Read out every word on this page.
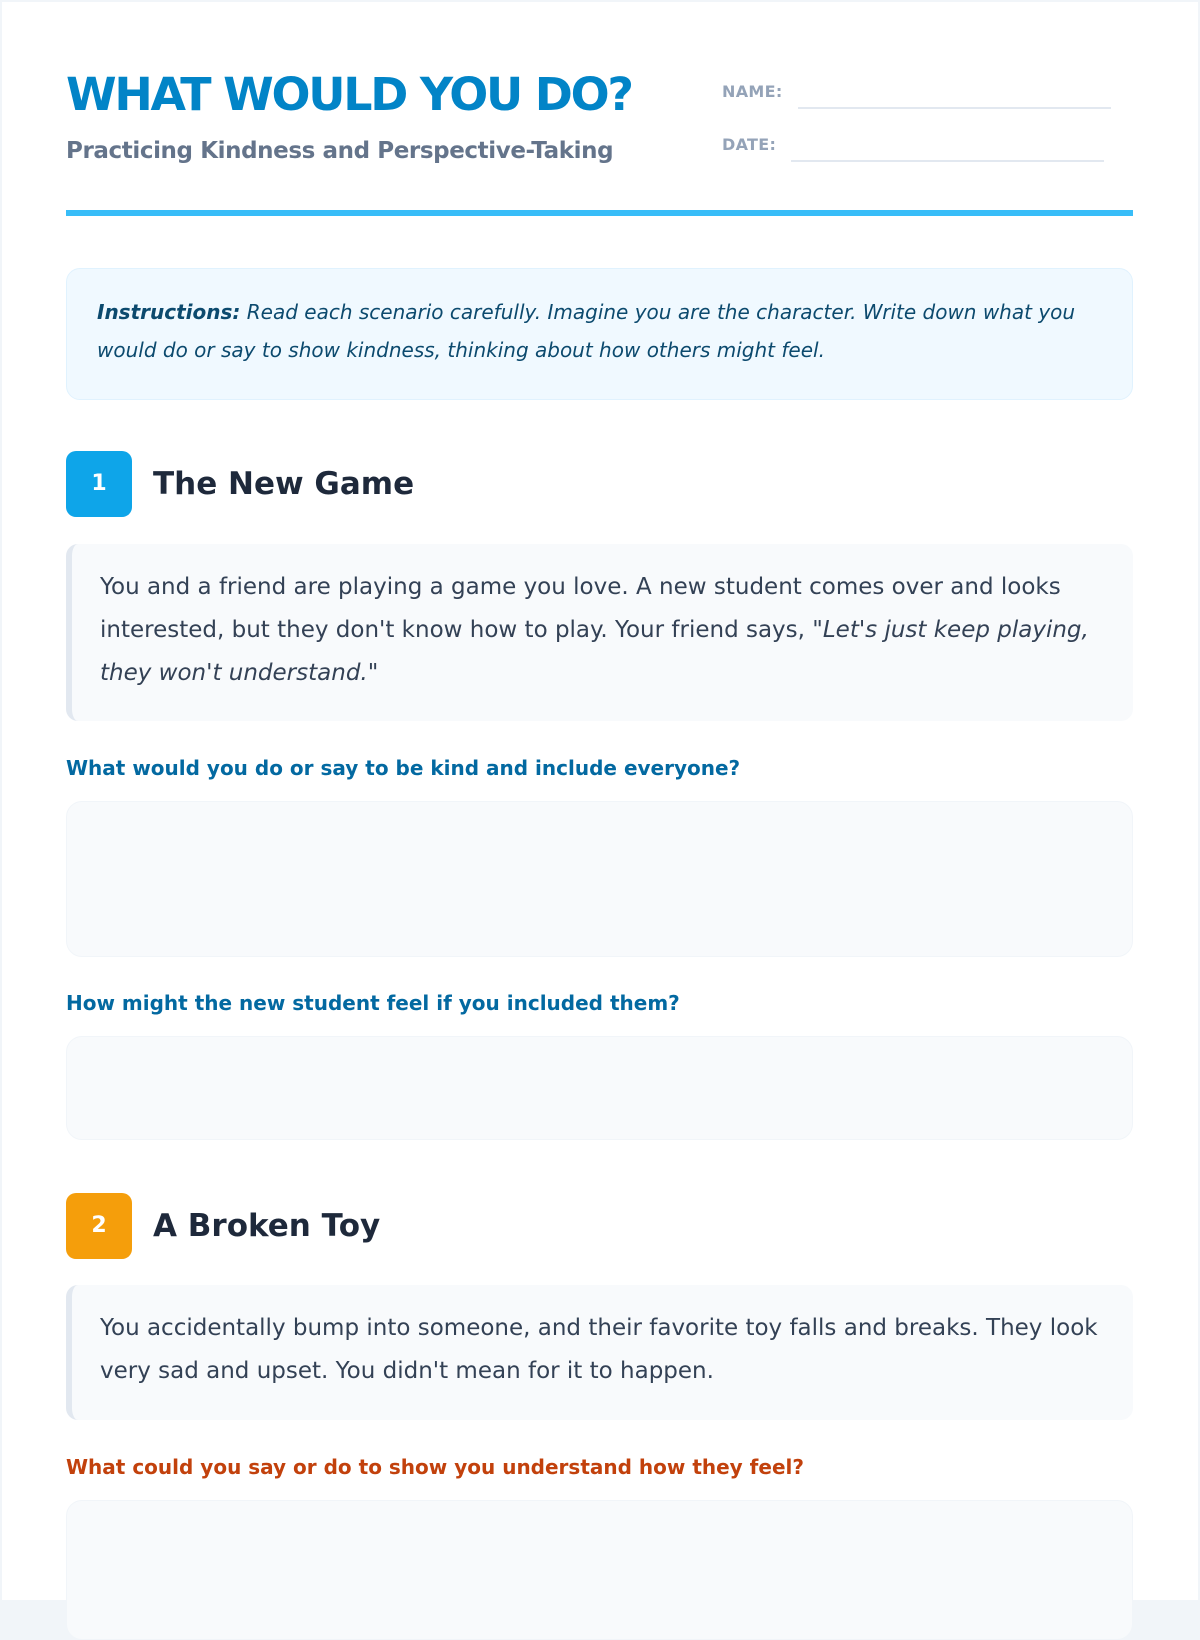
WHAT WOULD YOU DO?

Practicing Kindness and Perspective-Taking

NAME:
DATE:
Instructions: Read each scenario carefully. Imagine you are the character. Write down what you would do or say to show kindness, thinking about how others might feel.
1	The New Game
You and a friend are playing a game you love. A new student comes over and looks interested, but they don't know how to play. Your friend says, "Let's just keep playing, they won't understand."

What would you do or say to be kind and include everyone?

How might the new student feel if you included them?

2	A Broken Toy
You accidentally bump into someone, and their favorite toy falls and breaks. They look very sad and upset. You didn't mean for it to happen.

What could you say or do to show you understand how they feel?
